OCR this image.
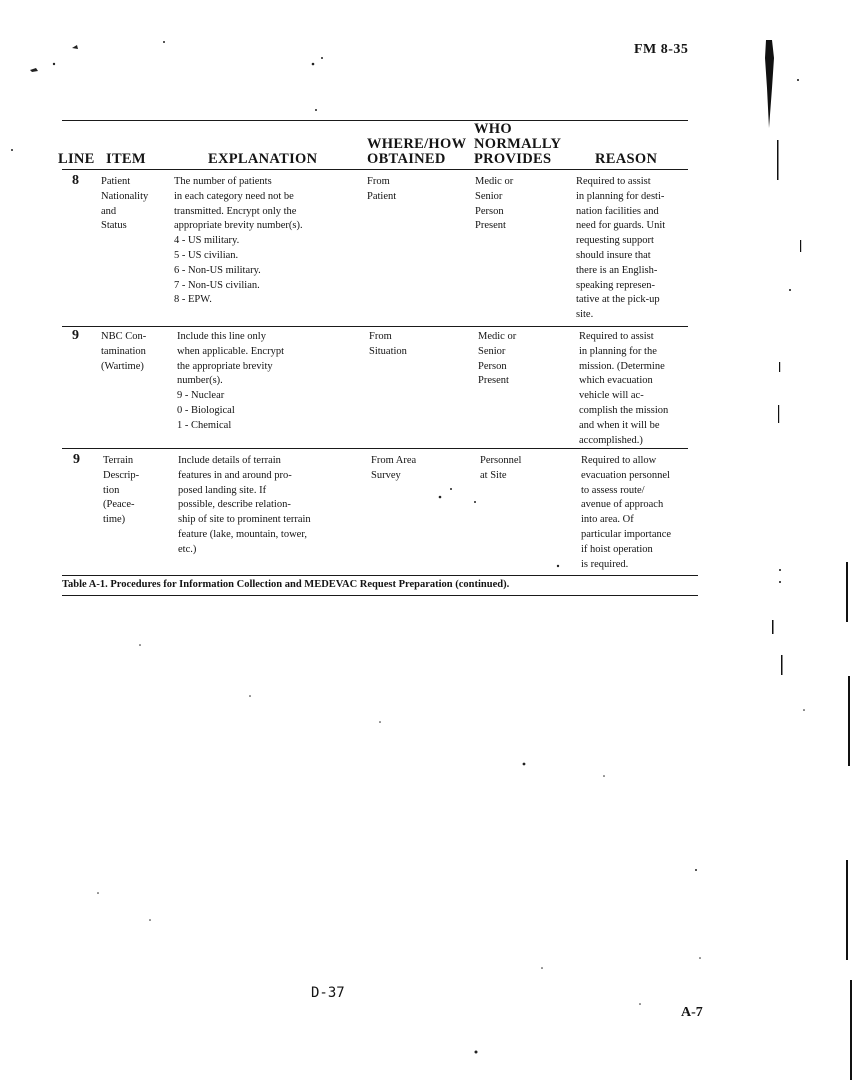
FM 8-35
LINE ITEM	EXPLANATION
WHERE/HOW
OBTAINED
WHO
NORMALLY
PROVIDES	REASON
8 Patient
Nationality
and
Status
The number of patients
in each category need not be
transmitted. Encrypt only the
appropriate brevity number(s).
4 - US military.
5 - US civilian.
6 - Non-US military.
7 - Non-US civilian.
8 - EPW.
From
Patient
Medic or
Senior
Person
Present
Required to assist
in planning for desti-
nation facilities and
need for guards. Unit
requesting support
should insure that
there is an English-
speaking represen-
tative at the pick-up
site.
9 NBC Con-
tamination
(Wartime)
Include this line only
when applicable. Encrypt
the appropriate brevity
number(s).
9 - Nuclear
0 - Biological
1 - Chemical
From
Situation
Medic or
Senior
Person
Present
Required to assist
in planning for the
mission. (Determine
which evacuation
vehicle will ac-
complish the mission
and when it will be
accomplished.)
9 Terrain
Descrip-
tion
(Peace-
time)
Include details of terrain
features in and around pro-
posed landing site. If
possible, describe relation-
ship of site to prominent terrain
feature (lake, mountain, tower,
etc.)
From Area
Survey
Personnel
at Site
Required to allow
evacuation personnel
to assess route/
avenue of approach
into area. Of
particular importance
if hoist operation
is required.
Table A-1. Procedures for Information Collection and MEDEVAC Request Preparation (continued).
D-37
A-7
